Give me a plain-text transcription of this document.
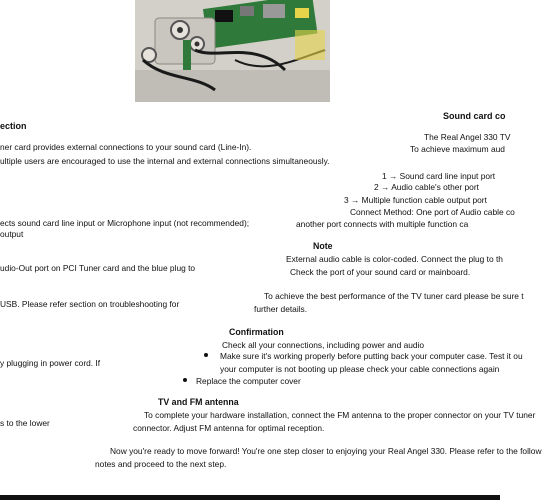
Sound card co
ection
ner card provides external connections to your sound card (Line-In).
ultiple users are encouraged to use the internal and external connections simultaneously.
The Real Angel 330 TV
To achieve maximum aud
1 → Sound card line input port
2 → Audio cable's other port
3 → Multiple function cable output port
Connect Method: One port of Audio cable co
another port connects with multiple function ca
ects sound card line input or Microphone input (not recommended);
output
Note
External audio cable is color-coded. Connect the plug to th
Check the port of your sound card or mainboard.
udio-Out port on PCI Tuner card and the blue plug to
To achieve the best performance of the TV tuner card please be sure t
USB. Please refer section on troubleshooting for	further details.
Confirmation
Check all your connections, including power and audio
Make sure it's working properly before putting back your computer case. Test it ou
y plugging in power cord. If
your computer is not booting up please check your cable connections again
Replace the computer cover
TV and FM antenna
To complete your hardware installation, connect the FM antenna to the proper connector on your TV tuner
s to the lower	connector. Adjust FM antenna for optimal reception.
Now you're ready to move forward! You're one step closer to enjoying your Real Angel 330. Please refer to the follow
notes and proceed to the next step.
